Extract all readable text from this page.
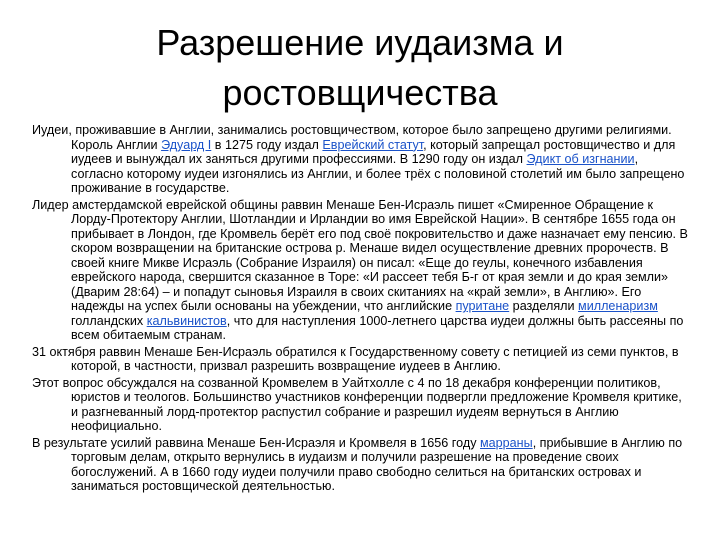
Разрешение иудаизма и
ростовщичества

Иудеи, проживавшие в Англии, занимались ростовщичеством, которое было запрещено другими религиями. Король Англии Эдуард I в 1275 году издал Еврейский статут, который запрещал ростовщичество и для иудеев и вынуждал их заняться другими профессиями. В 1290 году он издал Эдикт об изгнании, согласно которому иудеи изгонялись из Англии, и более трёх с половиной столетий им было запрещено проживание в государстве.

Лидер амстердамской еврейской общины раввин Менаше Бен-Исраэль пишет «Смиренное Обращение к Лорду-Протектору Англии, Шотландии и Ирландии во имя Еврейской Нации». В сентябре 1655 года он прибывает в Лондон, где Кромвель берёт его под своё покровительство и даже назначает ему пенсию. В скором возвращении на британские острова р. Менаше видел осуществление древних пророчеств. В своей книге Микве Исраэль (Собрание Израиля) он писал: «Еще до геулы, конечного избавления еврейского народа, свершится сказанное в Торе: «И рассеет тебя Б-г от края земли и до края земли» (Дварим 28:64) – и попадут сыновья Израиля в своих скитаниях на «край земли», в Англию». Его надежды на успех были основаны на убеждении, что английские пуритане разделяли милленаризм голландских кальвинистов, что для наступления 1000-летнего царства иудеи должны быть рассеяны по всем обитаемым странам.

31 октября раввин Менаше Бен-Исраэль обратился к Государственному совету с петицией из семи пунктов, в которой, в частности, призвал разрешить возвращение иудеев в Англию.

Этот вопрос обсуждался на созванной Кромвелем в Уайтхолле с 4 по 18 декабря конференции политиков, юристов и теологов. Большинство участников конференции подвергли предложение Кромвеля критике, и разгневанный лорд-протектор распустил собрание и разрешил иудеям вернуться в Англию неофициально.

В результате усилий раввина Менаше Бен-Исраэля и Кромвеля в 1656 году марраны, прибывшие в Англию по торговым делам, открыто вернулись в иудаизм и получили разрешение на проведение своих богослужений. А в 1660 году иудеи получили право свободно селиться на британских островах и заниматься ростовщической деятельностью.
